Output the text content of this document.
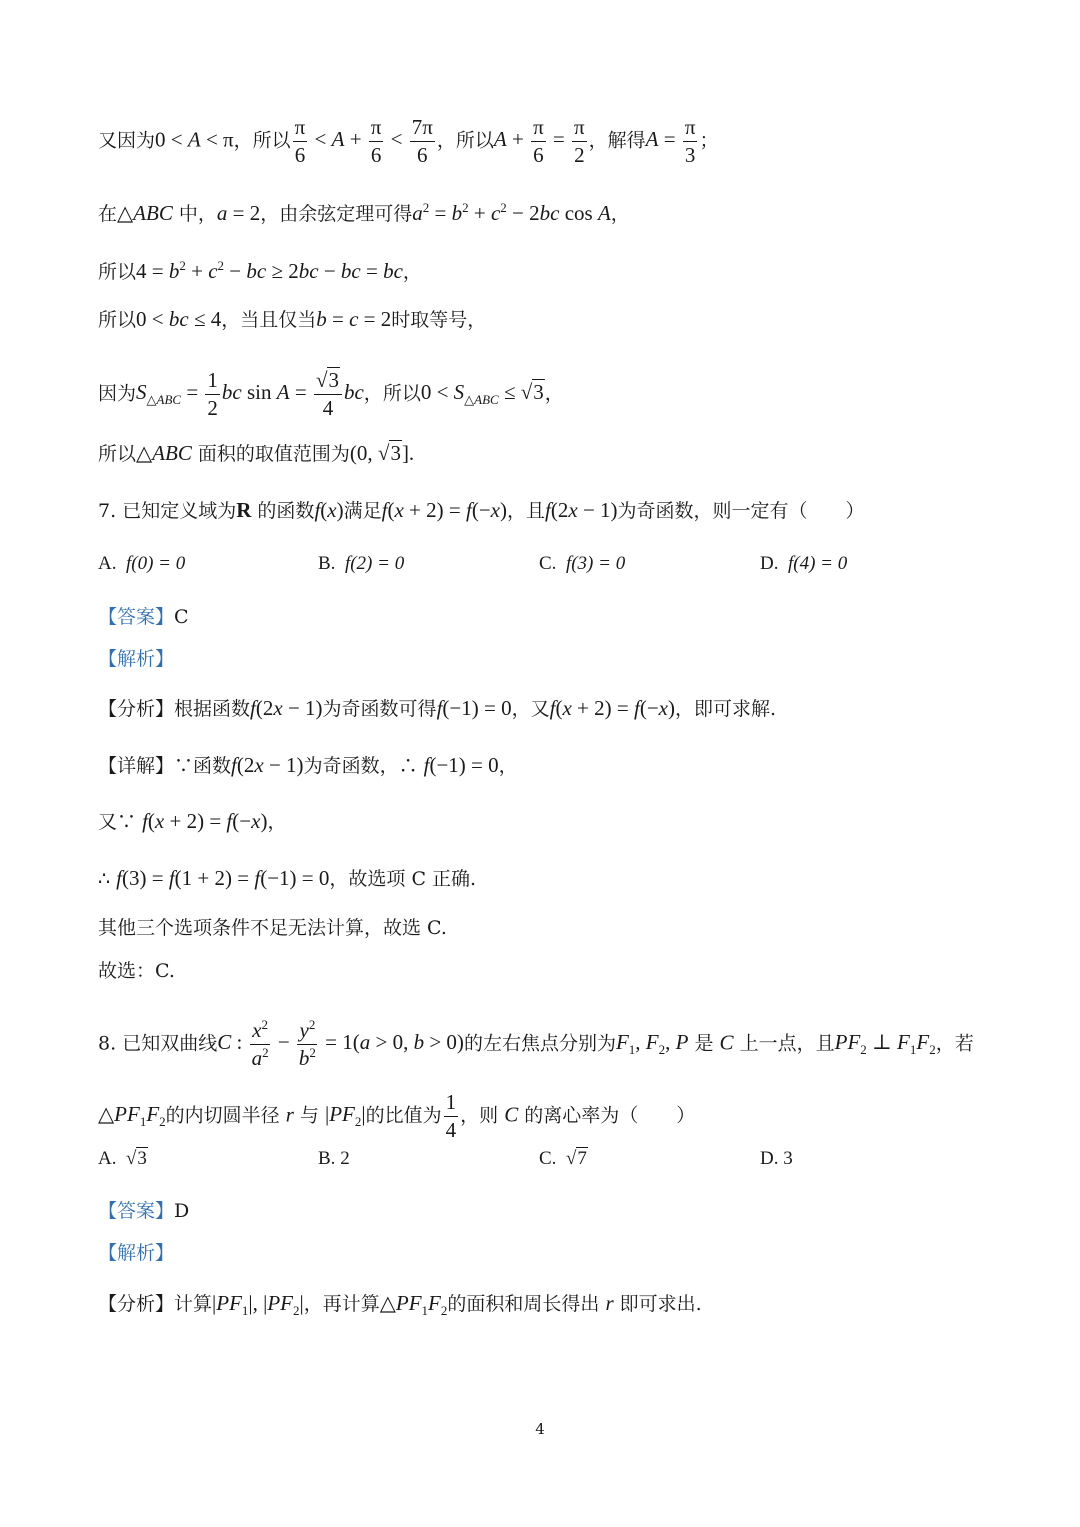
又因为0 < A < π，所以 $\frac{\pi}{6} < A + \frac{\pi}{6} < \frac{7\pi}{6}$ ，所以$A + \frac{\pi}{6} = \frac{\pi}{2}$ ，解得$A = \frac{\pi}{3}$ ；
在△ABC 中，a = 2，由余弦定理可得$a^2 = b^2 + c^2 - 2bc$ cos A，
所以$4 = b^2 + c^2$ − bc ≥ 2bc − bc = bc，
所以0 < bc ≤ 4，当且仅当b = c = 2时取等号，
因为$S_{\triangle ABC} = \frac{1}{2}$ bc $\sin A = \frac{√3}{4}$ bc，所以$0 < S_{\triangle ABC} \le √3$，
所以△ABC 面积的取值范围为(0, √3].
7. 已知定义域为R 的函数f(x)满足f(x + 2) = f(−x)，且f(2x − 1)为奇函数，则一定有（　　）
A. f(0) = 0	B. f(2) = 0	C. f(3) = 0	D. f(4) = 0
【答案】C
【解析】
【分析】根据函数f(2x − 1)为奇函数可得f(−1) = 0，又f(x + 2) = f(−x)，即可求解.
【详解】∵函数f(2x − 1)为奇函数，∴ f(−1) = 0，
又∵ f(x + 2) = f(−x)，
∴ f(3) = f(1 + 2) = f(−1) = 0，故选项 C 正确.
其他三个选项条件不足无法计算，故选 C.
故选：C.
8. 已知双曲线C : $\frac{x^2}{a^2} - \frac{y^2}{b^2} = 1(a > 0$, b > 0)的左右焦点分别为$F_1$, $F_2$, P 是 C 上一点，且$PF_2$ ⊥ $F_1F_2$，若
$\triangle PF_1F_2$的内切圆半径 r 与 $|PF_2|$的比值为 $\frac{1}{4}$ ，则 C 的离心率为（　　）
A. √3	B. 2	C. √7	D. 3
【答案】D
【解析】
【分析】计算$|PF_1|$, $|PF_2|$，再计算$\triangle PF_1F_2$的面积和周长得出 r 即可求出.
4
